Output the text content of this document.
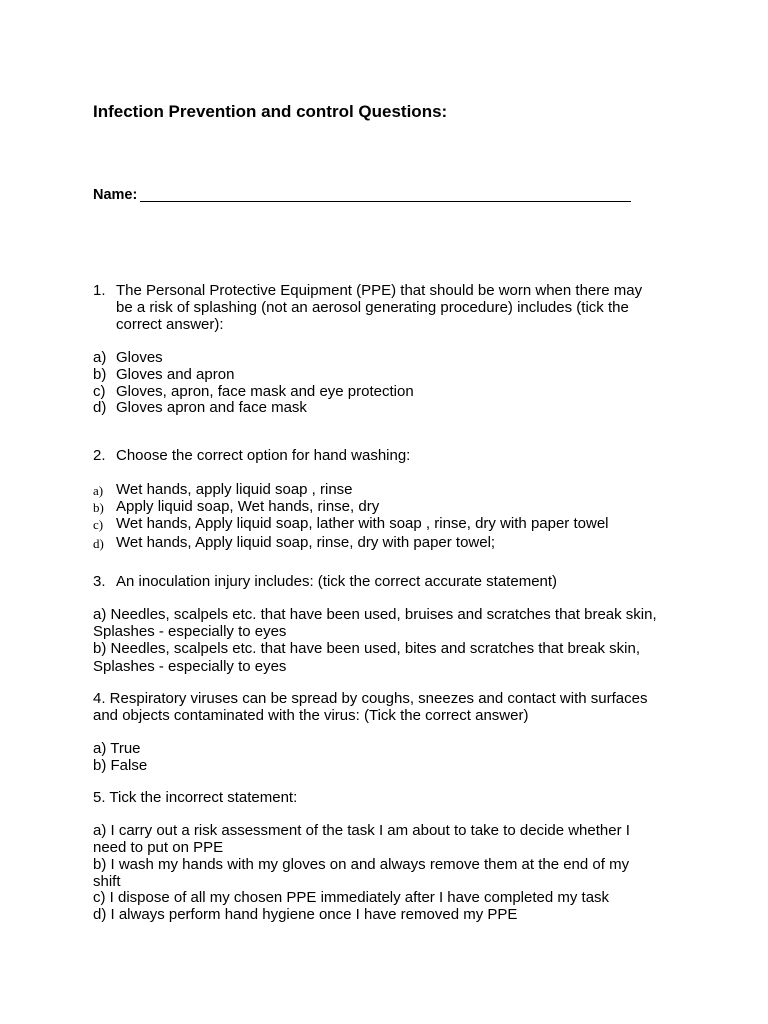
Infection Prevention and control Questions:
Name:
1. The Personal Protective Equipment (PPE) that should be worn when there may
be a risk of splashing (not an aerosol generating procedure) includes (tick the
correct answer):
a) Gloves
b) Gloves and apron
c) Gloves, apron, face mask and eye protection
d) Gloves apron and face mask
2. Choose the correct option for hand washing:
a) Wet hands, apply liquid soap , rinse
b) Apply liquid soap, Wet hands, rinse, dry
c) Wet hands, Apply liquid soap, lather with soap , rinse, dry with paper towel
d) Wet hands, Apply liquid soap, rinse, dry with paper towel;
3. An inoculation injury includes: (tick the correct accurate statement)
a) Needles, scalpels etc. that have been used, bruises and scratches that break skin,
Splashes - especially to eyes
b) Needles, scalpels etc. that have been used, bites and scratches that break skin,
Splashes - especially to eyes
4. Respiratory viruses can be spread by coughs, sneezes and contact with surfaces
and objects contaminated with the virus: (Tick the correct answer)
a) True
b) False
5. Tick the incorrect statement:
a) I carry out a risk assessment of the task I am about to take to decide whether I
need to put on PPE
b) I wash my hands with my gloves on and always remove them at the end of my
shift
c) I dispose of all my chosen PPE immediately after I have completed my task
d) I always perform hand hygiene once I have removed my PPE
